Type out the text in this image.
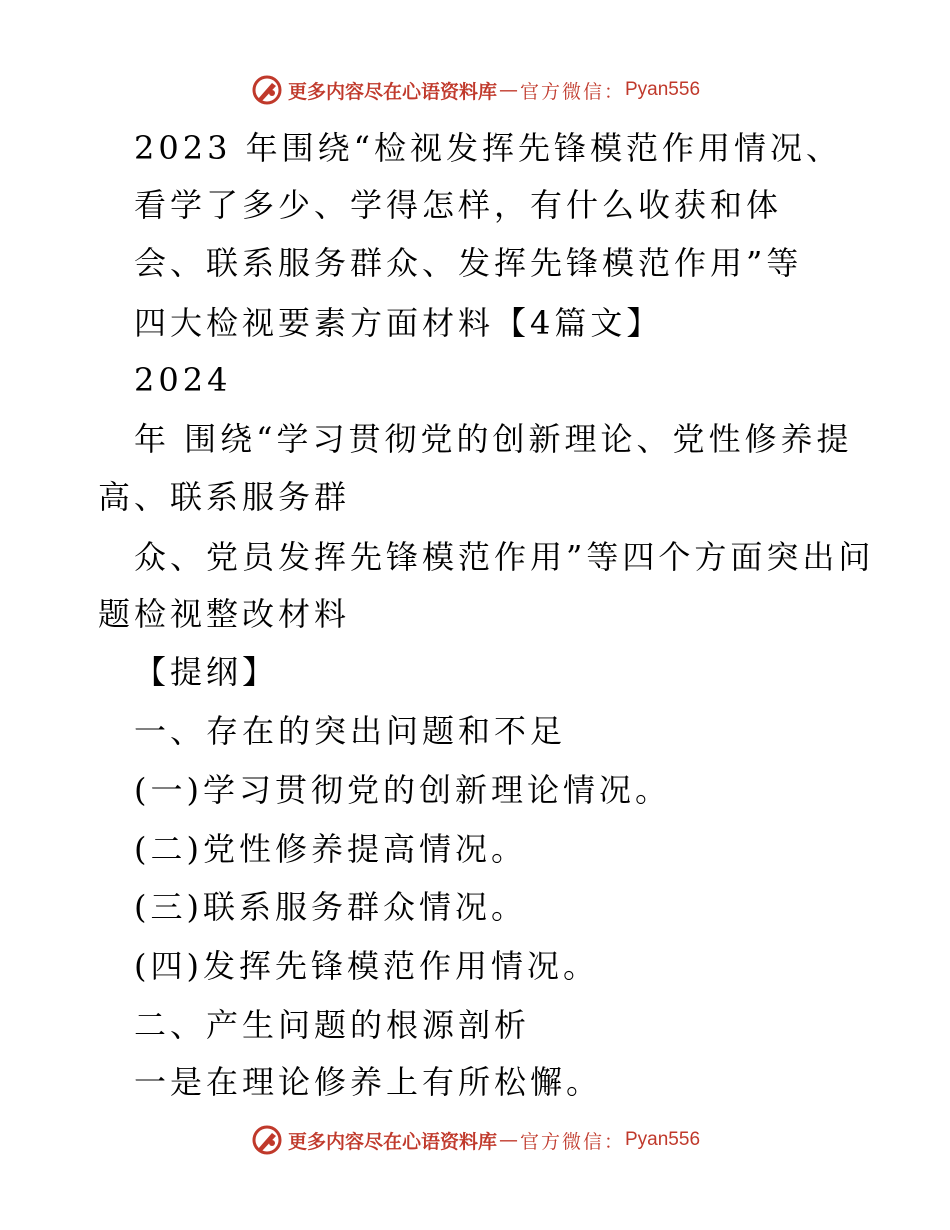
更多内容尽在心语资料库 — 官方微信： Pyan556
2023 年围绕“检视发挥先锋模范作用情况、
看学了多少、学得怎样，有什么收获和体
会、联系服务群众、发挥先锋模范作用”等
四大检视要素方面材料【4篇文】
2024
年 围绕“学习贯彻党的创新理论、党性修养提
高、联系服务群
众、党员发挥先锋模范作用”等四个方面突出问
题检视整改材料
【提纲】
一、存在的突出问题和不足
(一)学习贯彻党的创新理论情况。
(二)党性修养提高情况。
(三)联系服务群众情况。
(四)发挥先锋模范作用情况。
二、产生问题的根源剖析
一是在理论修养上有所松懈。
更多内容尽在心语资料库 — 官方微信： Pyan556
